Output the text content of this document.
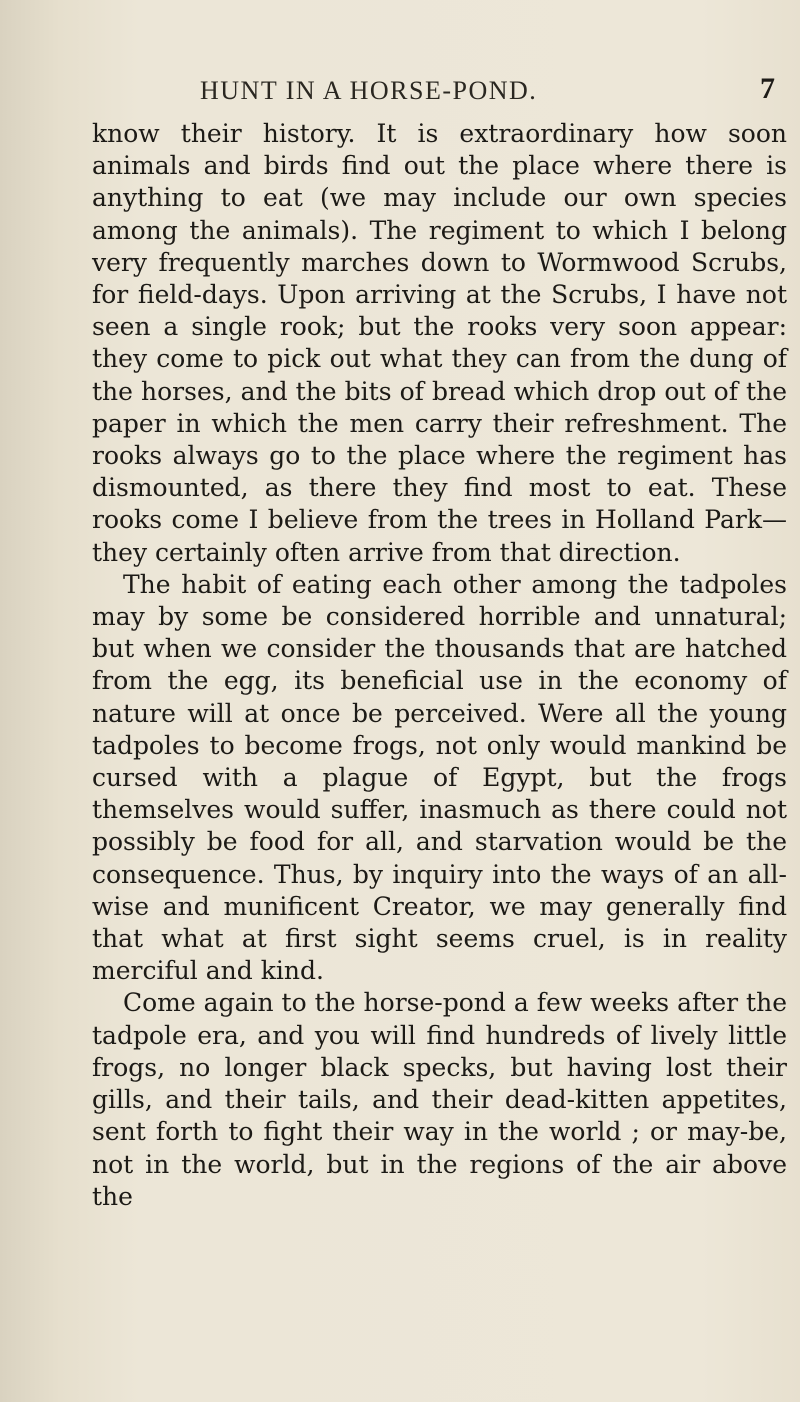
HUNT IN A HORSE-POND.	7

know their history. It is extraordinary how soon animals and birds find out the place where there is anything to eat (we may include our own species among the animals). The regiment to which I belong very frequently marches down to Wormwood Scrubs, for field-days. Upon arriving at the Scrubs, I have not seen a single rook; but the rooks very soon appear: they come to pick out what they can from the dung of the horses, and the bits of bread which drop out of the paper in which the men carry their refreshment. The rooks always go to the place where the regiment has dismounted, as there they find most to eat. These rooks come I believe from the trees in Holland Park—they certainly often arrive from that direction.

The habit of eating each other among the tadpoles may by some be considered horrible and unnatural; but when we consider the thousands that are hatched from the egg, its beneficial use in the economy of nature will at once be perceived. Were all the young tadpoles to become frogs, not only would mankind be cursed with a plague of Egypt, but the frogs themselves would suffer, inasmuch as there could not possibly be food for all, and starvation would be the consequence. Thus, by inquiry into the ways of an all-wise and munificent Creator, we may generally find that what at first sight seems cruel, is in reality merciful and kind.

Come again to the horse-pond a few weeks after the tadpole era, and you will find hundreds of lively little frogs, no longer black specks, but having lost their gills, and their tails, and their dead-kitten appetites, sent forth to fight their way in the world ; or may-be, not in the world, but in the regions of the air above the
